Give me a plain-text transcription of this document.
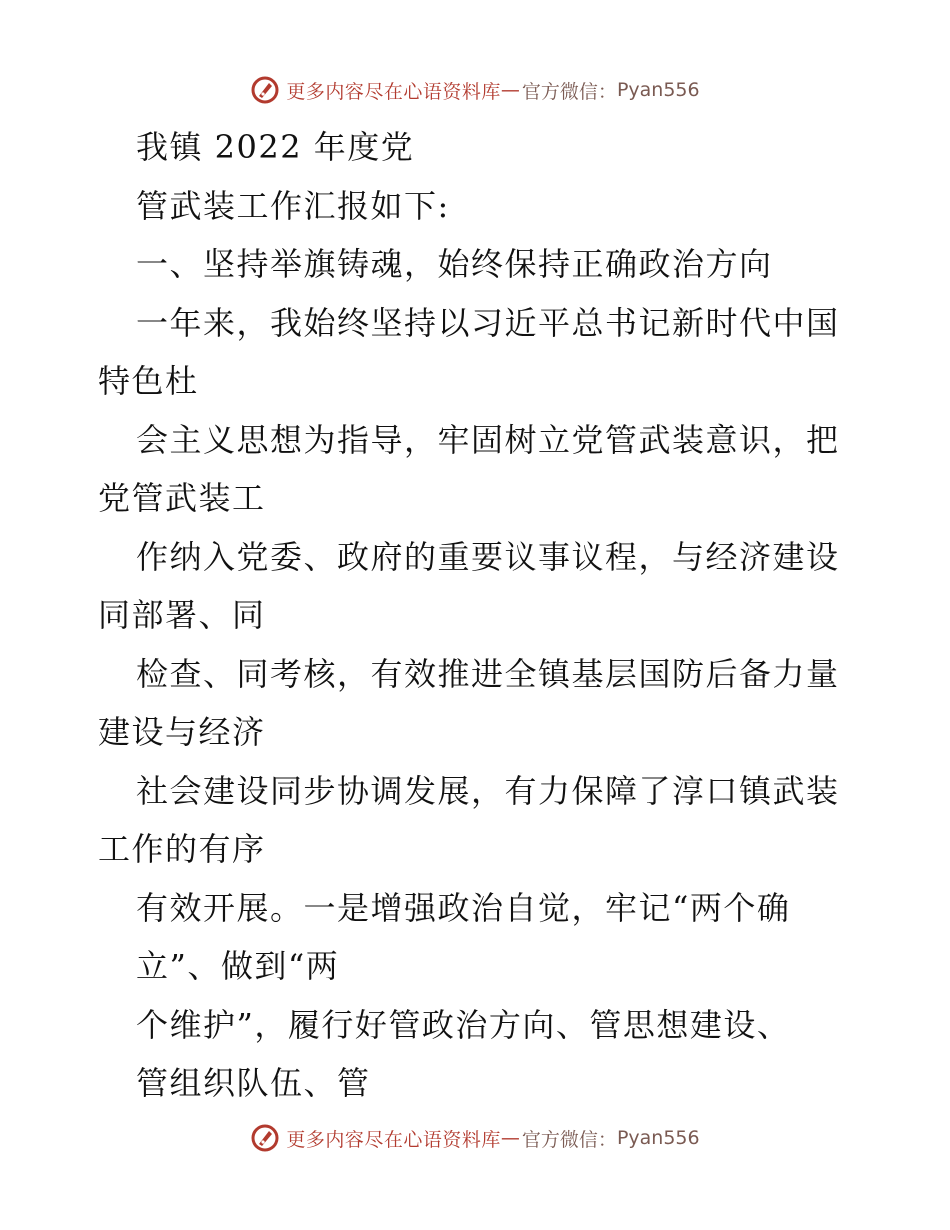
更多内容尽在心语资料库 — 官方微信： Pyan556
我镇 2022 年度党
管武装工作汇报如下:
一、坚持举旗铸魂，始终保持正确政治方向
一年来，我始终坚持以习近平总书记新时代中国
特色杜
会主义思想为指导，牢固树立党管武装意识，把
党管武装工
作纳入党委、政府的重要议事议程，与经济建设
同部署、同
检查、同考核，有效推进全镇基层国防后备力量
建设与经济
社会建设同步协调发展，有力保障了淳口镇武装
工作的有序
有效开展。一是增强政治自觉，牢记“两个确
立”、做到“两
个维护”，履行好管政治方向、管思想建设、
管组织队伍、管
更多内容尽在心语资料库 — 官方微信： Pyan556
